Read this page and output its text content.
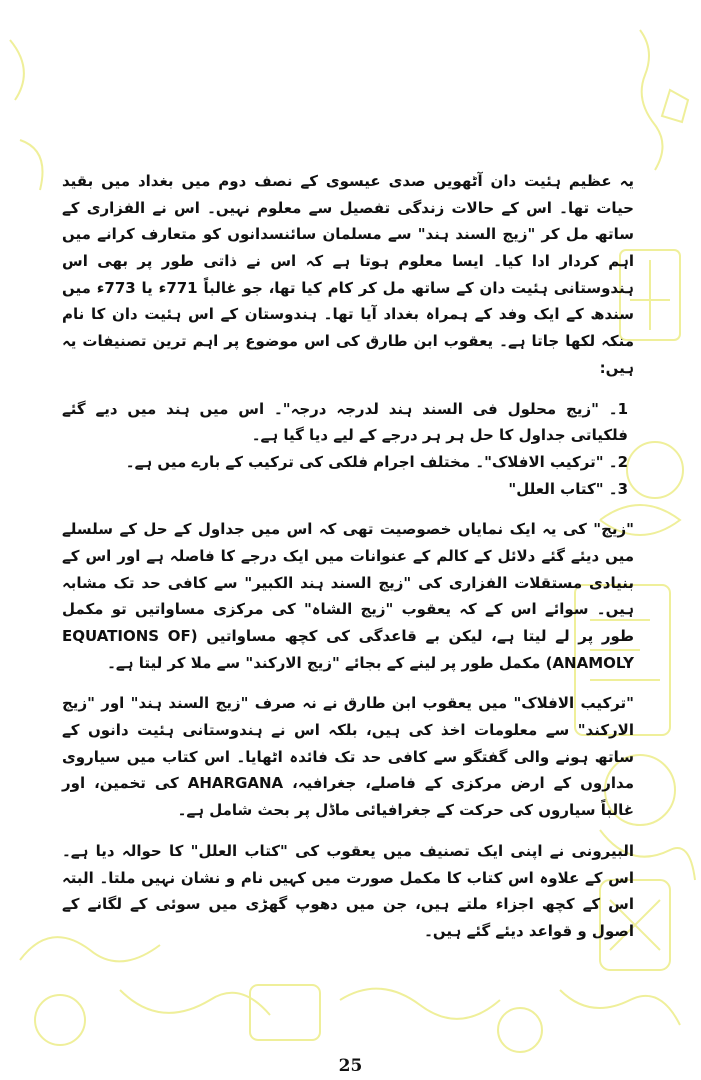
یہ عظیم ہئیت دان آٹھویں صدی عیسوی کے نصف دوم میں بغداد میں بقید حیات تھا۔ اس کے حالات زندگی تفصیل سے معلوم نہیں۔ اس نے الفزاری کے ساتھ مل کر "زیج السند ہند" سے مسلمان سائنسدانوں کو متعارف کرانے میں اہم کردار ادا کیا۔ ایسا معلوم ہوتا ہے کہ اس نے ذاتی طور پر بھی اس ہندوستانی ہئیت دان کے ساتھ مل کر کام کیا تھا، جو غالباً 771ء یا 773ء میں سندھ کے ایک وفد کے ہمراہ بغداد آیا تھا۔ ہندوستان کے اس ہئیت دان کا نام منکہ لکھا جاتا ہے۔ یعقوب ابن طارق کی اس موضوع پر اہم ترین تصنیفات یہ ہیں:

1۔ "زیج محلول فی السند ہند لدرجہ درجہ"۔ اس میں ہند میں دیے گئے فلکیاتی جداول کا حل ہر ہر درجے کے لیے دیا گیا ہے۔

2۔ "ترکیب الافلاک"۔ مختلف اجرام فلکی کی ترکیب کے بارے میں ہے۔

3۔ "کتاب العلل"

"زیج" کی یہ ایک نمایاں خصوصیت تھی کہ اس میں جداول کے حل کے سلسلے میں دیئے گئے دلائل کے کالم کے عنوانات میں ایک درجے کا فاصلہ ہے اور اس کے بنیادی مستقلات الفزاری کی "زیج السند ہند الکبیر" سے کافی حد تک مشابہ ہیں۔ سوائے اس کے کہ یعقوب "زیج الشاہ" کی مرکزی مساواتیں تو مکمل طور پر لے لیتا ہے، لیکن بے قاعدگی کی کچھ مساواتیں (EQUATIONS OF ANAMOLY) مکمل طور پر لینے کے بجائے "زیج الارکند" سے ملا کر لیتا ہے۔

"ترکیب الافلاک" میں یعقوب ابن طارق نے نہ صرف "زیج السند ہند" اور "زیج الارکند" سے معلومات اخذ کی ہیں، بلکہ اس نے ہندوستانی ہئیت دانوں کے ساتھ ہونے والی گفتگو سے کافی حد تک فائدہ اٹھایا۔ اس کتاب میں سیاروی مداروں کے ارض مرکزی کے فاصلے، جغرافیہ، AHARGANA کی تخمین، اور غالباً سیاروں کی حرکت کے جغرافیائی ماڈل پر بحث شامل ہے۔

البیرونی نے اپنی ایک تصنیف میں یعقوب کی "کتاب العلل" کا حوالہ دیا ہے۔ اس کے علاوہ اس کتاب کا مکمل صورت میں کہیں نام و نشان نہیں ملتا۔ البتہ اس کے کچھ اجزاء ملتے ہیں، جن میں دھوپ گھڑی میں سوئی کے لگانے کے اصول و قواعد دیئے گئے ہیں۔

25
